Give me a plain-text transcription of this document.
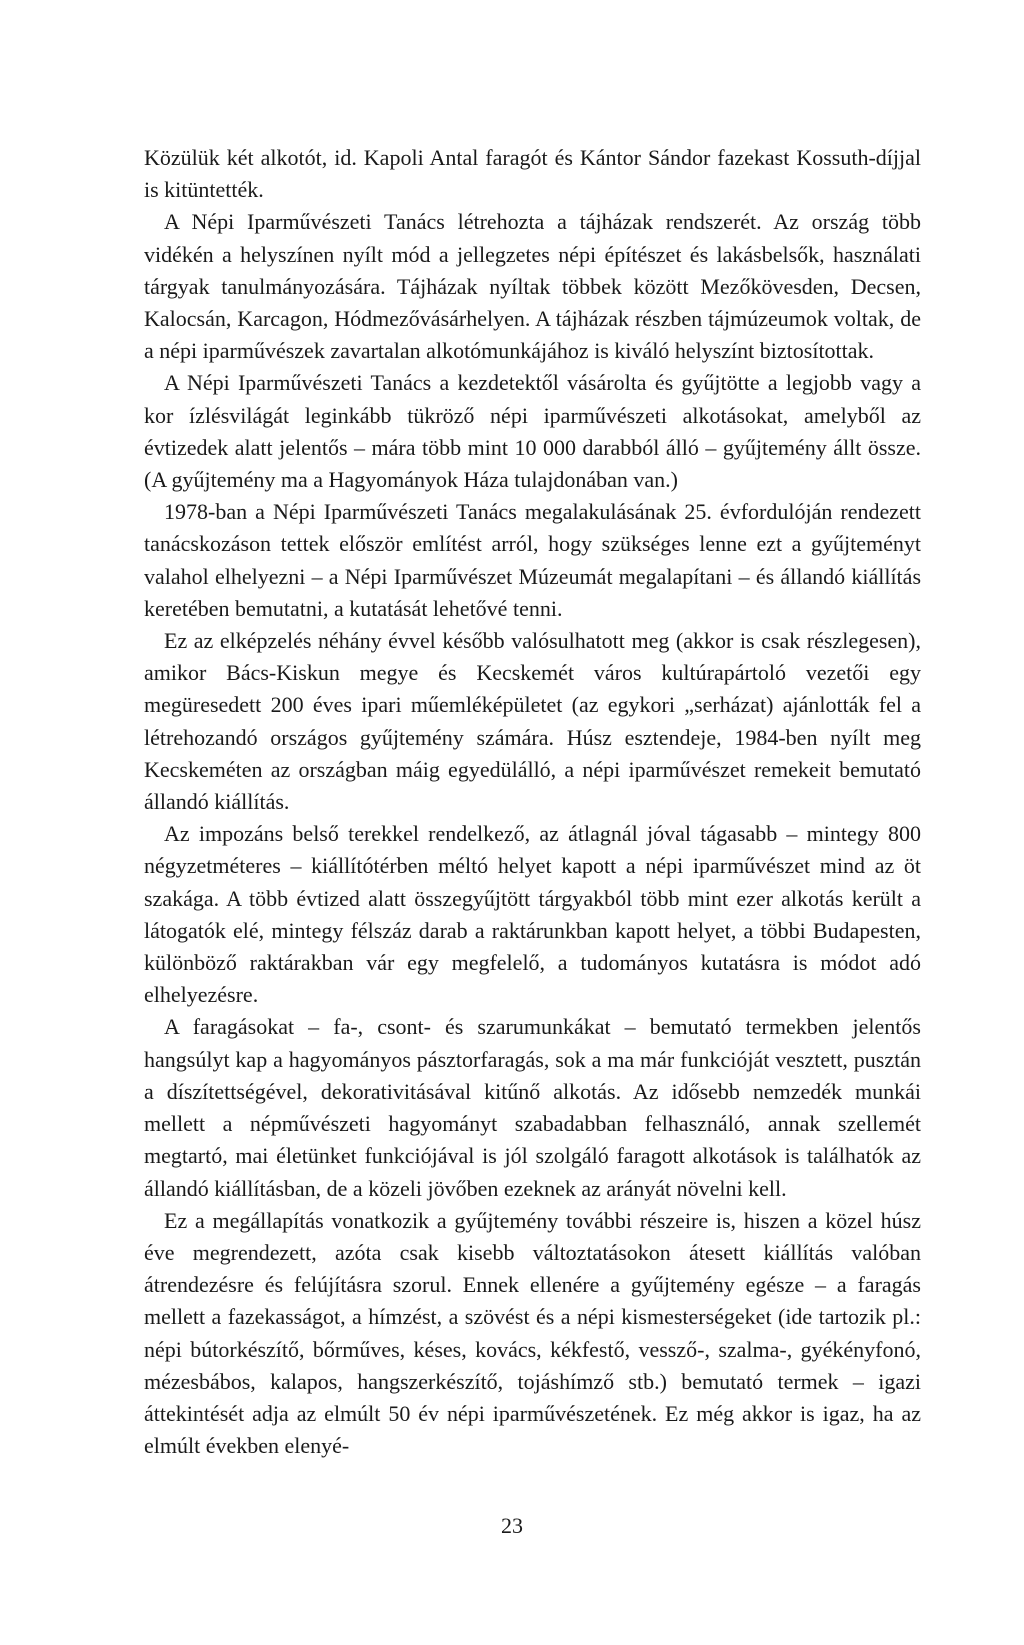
Közülük két alkotót, id. Kapoli Antal faragót és Kántor Sándor fazekast Kossuth-díjjal is kitüntették.

A Népi Iparművészeti Tanács létrehozta a tájházak rendszerét. Az ország több vidékén a helyszínen nyílt mód a jellegzetes népi építészet és lakásbelsők, használati tárgyak tanulmányozására. Tájházak nyíltak többek között Mezőkövesden, Decsen, Kalocsán, Karcagon, Hódmezővásárhelyen. A tájházak részben tájmúzeumok voltak, de a népi iparművészek zavartalan alkotómunkájához is kiváló helyszínt biztosítottak.

A Népi Iparművészeti Tanács a kezdetektől vásárolta és gyűjtötte a legjobb vagy a kor ízlésvilágát leginkább tükröző népi iparművészeti alkotásokat, amelyből az évtizedek alatt jelentős – mára több mint 10 000 darabból álló – gyűjtemény állt össze. (A gyűjtemény ma a Hagyományok Háza tulajdonában van.)

1978-ban a Népi Iparművészeti Tanács megalakulásának 25. évfordulóján rendezett tanácskozáson tettek először említést arról, hogy szükséges lenne ezt a gyűjteményt valahol elhelyezni – a Népi Iparművészet Múzeumát megalapítani – és állandó kiállítás keretében bemutatni, a kutatását lehetővé tenni.

Ez az elképzelés néhány évvel később valósulhatott meg (akkor is csak részlegesen), amikor Bács-Kiskun megye és Kecskemét város kultúrapártoló vezetői egy megüresedett 200 éves ipari műemléképületet (az egykori „serházat) ajánlották fel a létrehozandó országos gyűjtemény számára. Húsz esztendeje, 1984-ben nyílt meg Kecskeméten az országban máig egyedülálló, a népi iparművészet remekeit bemutató állandó kiállítás.

Az impozáns belső terekkel rendelkező, az átlagnál jóval tágasabb – mintegy 800 négyzetméteres – kiállítótérben méltó helyet kapott a népi iparművészet mind az öt szakága. A több évtized alatt összegyűjtött tárgyakból több mint ezer alkotás került a látogatók elé, mintegy félszáz darab a raktárunkban kapott helyet, a többi Budapesten, különböző raktárakban vár egy megfelelő, a tudományos kutatásra is módot adó elhelyezésre.

A faragásokat – fa-, csont- és szarumunkákat – bemutató termekben jelentős hangsúlyt kap a hagyományos pásztorfaragás, sok a ma már funkcióját vesztett, pusztán a díszítettségével, dekorativitásával kitűnő alkotás. Az idősebb nemzedék munkái mellett a népművészeti hagyományt szabadabban felhasználó, annak szellemét megtartó, mai életünket funkciójával is jól szolgáló faragott alkotások is találhatók az állandó kiállításban, de a közeli jövőben ezeknek az arányát növelni kell.

Ez a megállapítás vonatkozik a gyűjtemény további részeire is, hiszen a közel húsz éve megrendezett, azóta csak kisebb változtatásokon átesett kiállítás valóban átrendezésre és felújításra szorul. Ennek ellenére a gyűjtemény egésze – a faragás mellett a fazekasságot, a hímzést, a szövést és a népi kismesterségeket (ide tartozik pl.: népi bútorkészítő, bőrműves, késes, kovács, kékfestő, vessző-, szalma-, gyékényfonó, mézesbábos, kalapos, hangszerkészítő, tojáshímző stb.) bemutató termek – igazi áttekintését adja az elmúlt 50 év népi iparművészetének. Ez még akkor is igaz, ha az elmúlt években elenyé-

23
